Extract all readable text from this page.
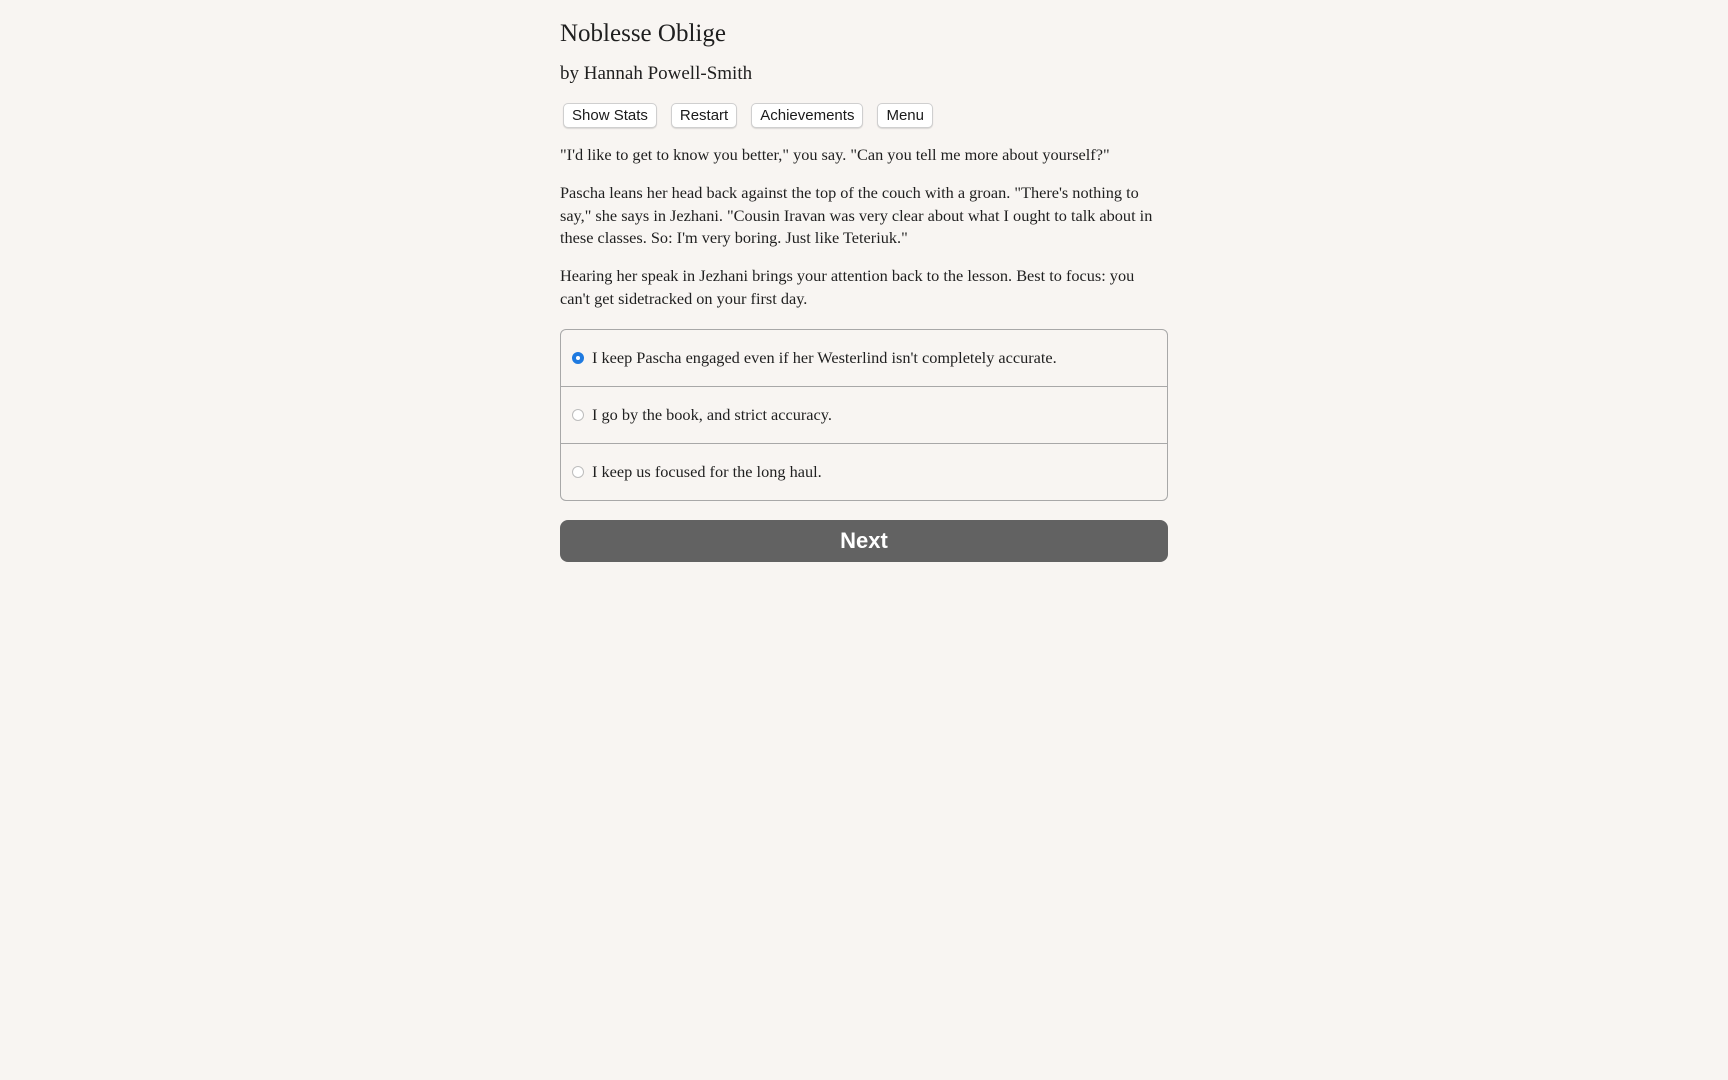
Noblesse Oblige
by Hannah Powell-Smith
Show Stats	Restart	Achievements	Menu

"I'd like to get to know you better," you say. "Can you tell me more about yourself?"

Pascha leans her head back against the top of the couch with a groan. "There's nothing to say," she says in Jezhani. "Cousin Iravan was very clear about what I ought to talk about in these classes. So: I'm very boring. Just like Teteriuk."

Hearing her speak in Jezhani brings your attention back to the lesson. Best to focus: you can't get sidetracked on your first day.

I keep Pascha engaged even if her Westerlind isn't completely accurate.
I go by the book, and strict accuracy.
I keep us focused for the long haul.
Next
